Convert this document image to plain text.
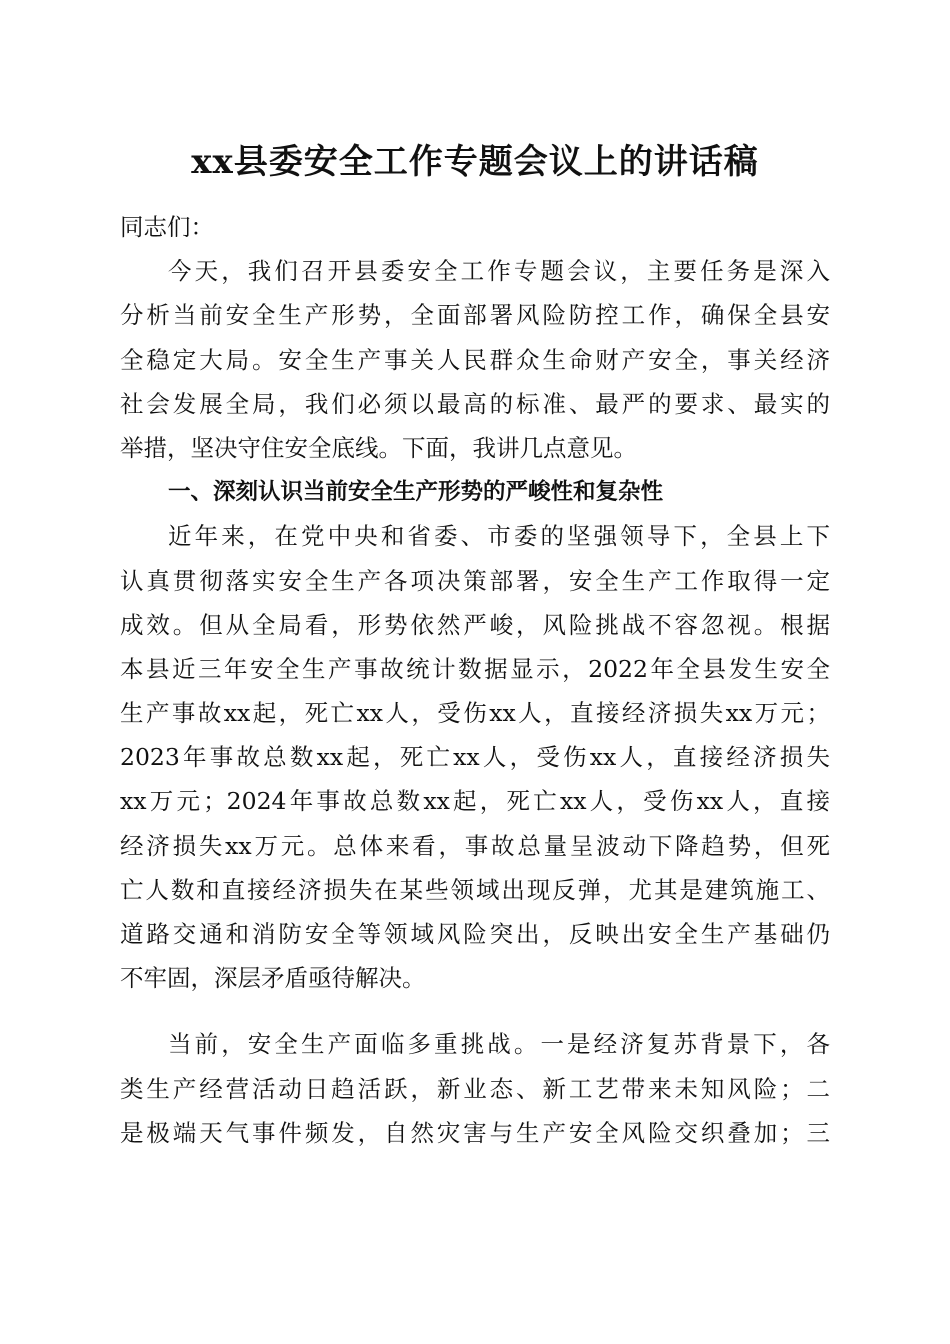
xx县委安全工作专题会议上的讲话稿
同志们：
今天，我们召开县委安全工作专题会议，主要任务是深入
分析当前安全生产形势，全面部署风险防控工作，确保全县安
全稳定大局。安全生产事关人民群众生命财产安全，事关经济
社会发展全局，我们必须以最高的标准、最严的要求、最实的
举措，坚决守住安全底线。下面，我讲几点意见。
一、深刻认识当前安全生产形势的严峻性和复杂性
近年来，在党中央和省委、市委的坚强领导下，全县上下
认真贯彻落实安全生产各项决策部署，安全生产工作取得一定
成效。但从全局看，形势依然严峻，风险挑战不容忽视。根据
本县近三年安全生产事故统计数据显示，2022年全县发生安全
生产事故xx起，死亡xx人，受伤xx人，直接经济损失xx万元；
2023年事故总数xx起，死亡xx人，受伤xx人，直接经济损失
xx万元；2024年事故总数xx起，死亡xx人，受伤xx人，直接
经济损失xx万元。总体来看，事故总量呈波动下降趋势，但死
亡人数和直接经济损失在某些领域出现反弹，尤其是建筑施工、
道路交通和消防安全等领域风险突出，反映出安全生产基础仍
不牢固，深层矛盾亟待解决。
当前，安全生产面临多重挑战。一是经济复苏背景下，各
类生产经营活动日趋活跃，新业态、新工艺带来未知风险；二
是极端天气事件频发，自然灾害与生产安全风险交织叠加；三
